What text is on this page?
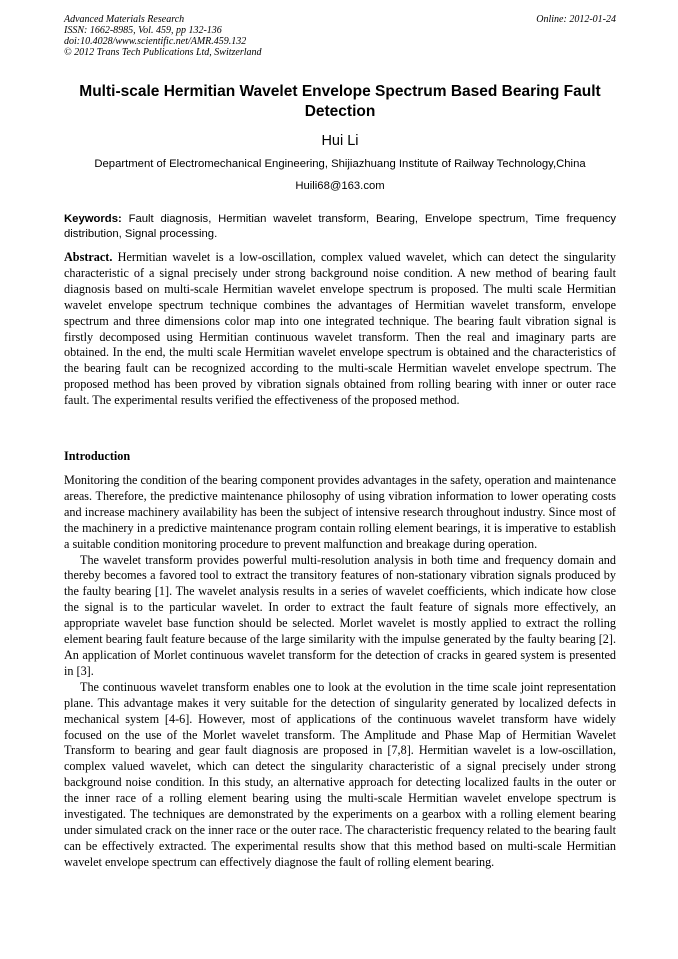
Advanced Materials Research
ISSN: 1662-8985, Vol. 459, pp 132-136
doi:10.4028/www.scientific.net/AMR.459.132
© 2012 Trans Tech Publications Ltd, Switzerland
Online: 2012-01-24
Multi-scale Hermitian Wavelet Envelope Spectrum Based Bearing Fault Detection
Hui Li
Department of Electromechanical Engineering, Shijiazhuang Institute of Railway Technology,China
Huili68@163.com
Keywords: Fault diagnosis, Hermitian wavelet transform, Bearing, Envelope spectrum, Time frequency distribution, Signal processing.
Abstract. Hermitian wavelet is a low-oscillation, complex valued wavelet, which can detect the singularity characteristic of a signal precisely under strong background noise condition. A new method of bearing fault diagnosis based on multi-scale Hermitian wavelet envelope spectrum is proposed. The multi scale Hermitian wavelet envelope spectrum technique combines the advantages of Hermitian wavelet transform, envelope spectrum and three dimensions color map into one integrated technique. The bearing fault vibration signal is firstly decomposed using Hermitian continuous wavelet transform. Then the real and imaginary parts are obtained. In the end, the multi scale Hermitian wavelet envelope spectrum is obtained and the characteristics of the bearing fault can be recognized according to the multi-scale Hermitian wavelet envelope spectrum. The proposed method has been proved by vibration signals obtained from rolling bearing with inner or outer race fault. The experimental results verified the effectiveness of the proposed method.
Introduction

Monitoring the condition of the bearing component provides advantages in the safety, operation and maintenance areas. Therefore, the predictive maintenance philosophy of using vibration information to lower operating costs and increase machinery availability has been the subject of intensive research throughout industry. Since most of the machinery in a predictive maintenance program contain rolling element bearings, it is imperative to establish a suitable condition monitoring procedure to prevent malfunction and breakage during operation.

The wavelet transform provides powerful multi-resolution analysis in both time and frequency domain and thereby becomes a favored tool to extract the transitory features of non-stationary vibration signals produced by the faulty bearing [1]. The wavelet analysis results in a series of wavelet coefficients, which indicate how close the signal is to the particular wavelet. In order to extract the fault feature of signals more effectively, an appropriate wavelet base function should be selected. Morlet wavelet is mostly applied to extract the rolling element bearing fault feature because of the large similarity with the impulse generated by the faulty bearing [2]. An application of Morlet continuous wavelet transform for the detection of cracks in geared system is presented in [3].

The continuous wavelet transform enables one to look at the evolution in the time scale joint representation plane. This advantage makes it very suitable for the detection of singularity generated by localized defects in mechanical system [4-6]. However, most of applications of the continuous wavelet transform have widely focused on the use of the Morlet wavelet transform. The Amplitude and Phase Map of Hermitian Wavelet Transform to bearing and gear fault diagnosis are proposed in [7,8]. Hermitian wavelet is a low-oscillation, complex valued wavelet, which can detect the singularity characteristic of a signal precisely under strong background noise condition. In this study, an alternative approach for detecting localized faults in the outer or the inner race of a rolling element bearing using the multi-scale Hermitian wavelet envelope spectrum is investigated. The techniques are demonstrated by the experiments on a gearbox with a rolling element bearing under simulated crack on the inner race or the outer race. The characteristic frequency related to the bearing fault can be effectively extracted. The experimental results show that this method based on multi-scale Hermitian wavelet envelope spectrum can effectively diagnose the fault of rolling element bearing.
